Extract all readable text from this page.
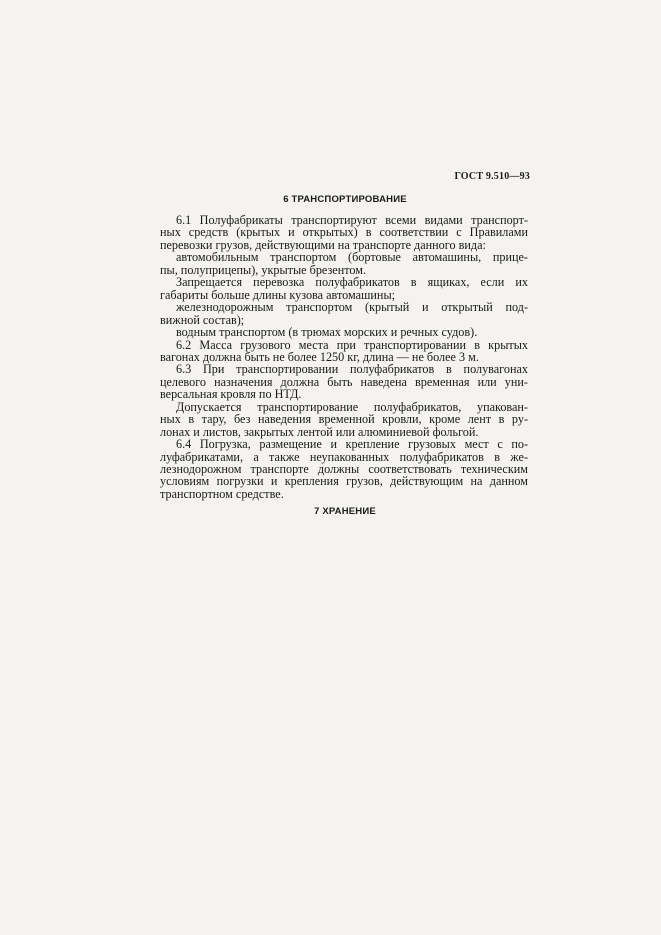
ГОСТ 9.510—93
6 ТРАНСПОРТИРОВАНИЕ
6.1 Полуфабрикаты транспортируют всеми видами транспорт-
ных средств (крытых и открытых) в соответствии с Правилами
перевозки грузов, действующими на транспорте данного вида:
автомобильным транспортом (бортовые автомашины, прице-
пы, полуприцепы), укрытые брезентом.
Запрещается перевозка полуфабрикатов в ящиках, если их
габариты больше длины кузова автомашины;
железнодорожным транспортом (крытый и открытый под-
вижной состав);
водным транспортом (в трюмах морских и речных судов).
6.2 Масса грузового места при транспортировании в крытых
вагонах должна быть не более 1250 кг, длина — не более 3 м.
6.3 При транспортировании полуфабрикатов в полувагонах
целевого назначения должна быть наведена временная или уни-
версальная кровля по НТД.
Допускается транспортирование полуфабрикатов, упакован-
ных в тару, без наведения временной кровли, кроме лент в ру-
лонах и листов, закрытых лентой или алюминиевой фольгой.
6.4 Погрузка, размещение и крепление грузовых мест с по-
луфабрикатами, а также неупакованных полуфабрикатов в же-
лезнодорожном транспорте должны соответствовать техническим
условиям погрузки и крепления грузов, действующим на данном
транспортном средстве.
7 ХРАНЕНИЕ
